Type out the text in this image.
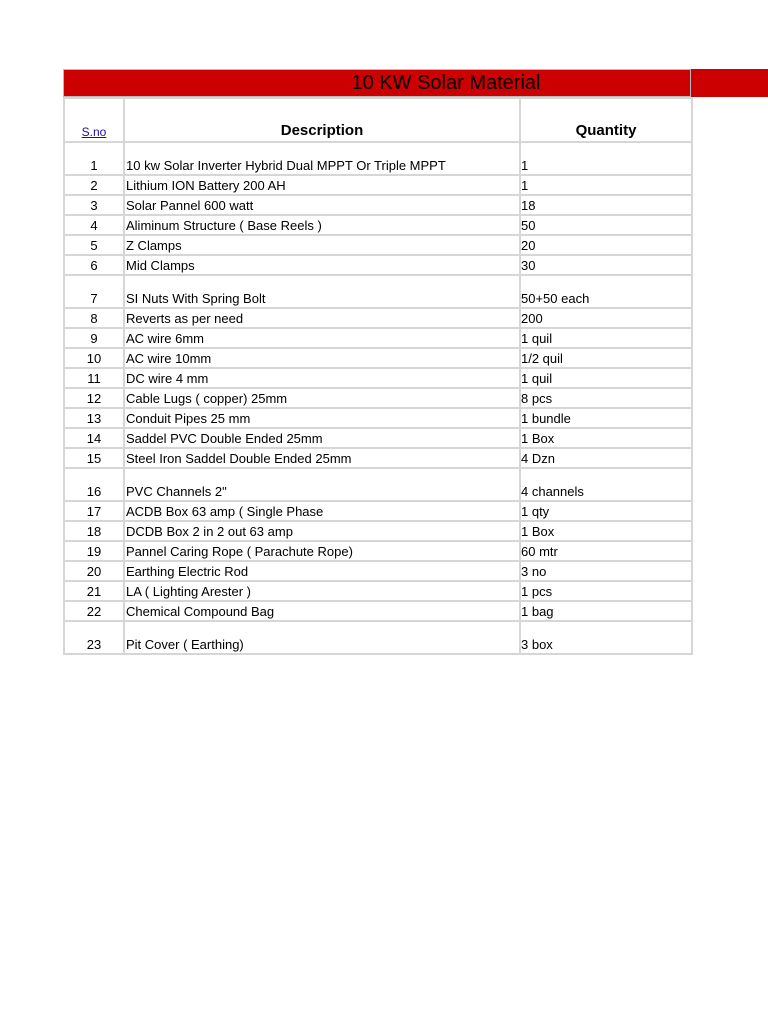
10 KW Solar Material
S.no	Description	Quantity
1	10 kw Solar Inverter Hybrid Dual MPPT Or Triple MPPT	1
2	Lithium ION Battery 200 AH	1
3	Solar Pannel 600 watt	18
4	Aliminum Structure ( Base Reels )	50
5	Z Clamps	20
6	Mid Clamps	30
7	SI Nuts With Spring Bolt	50+50 each
8	Reverts as per need	200
9	AC wire 6mm	1 quil
10	AC wire 10mm	1/2 quil
11	DC wire 4 mm	1 quil
12	Cable Lugs ( copper) 25mm	8 pcs
13	Conduit Pipes 25 mm	1 bundle
14	Saddel PVC Double Ended 25mm	1 Box
15	Steel Iron Saddel Double Ended 25mm	4 Dzn
16	PVC Channels 2"	4 channels
17	ACDB Box 63 amp ( Single Phase	1 qty
18	DCDB Box 2 in 2 out 63 amp	1 Box
19	Pannel Caring Rope ( Parachute Rope)	60 mtr
20	Earthing Electric Rod	3 no
21	LA ( Lighting Arester )	1 pcs
22	Chemical Compound Bag	1 bag
23	Pit Cover ( Earthing)	3 box
